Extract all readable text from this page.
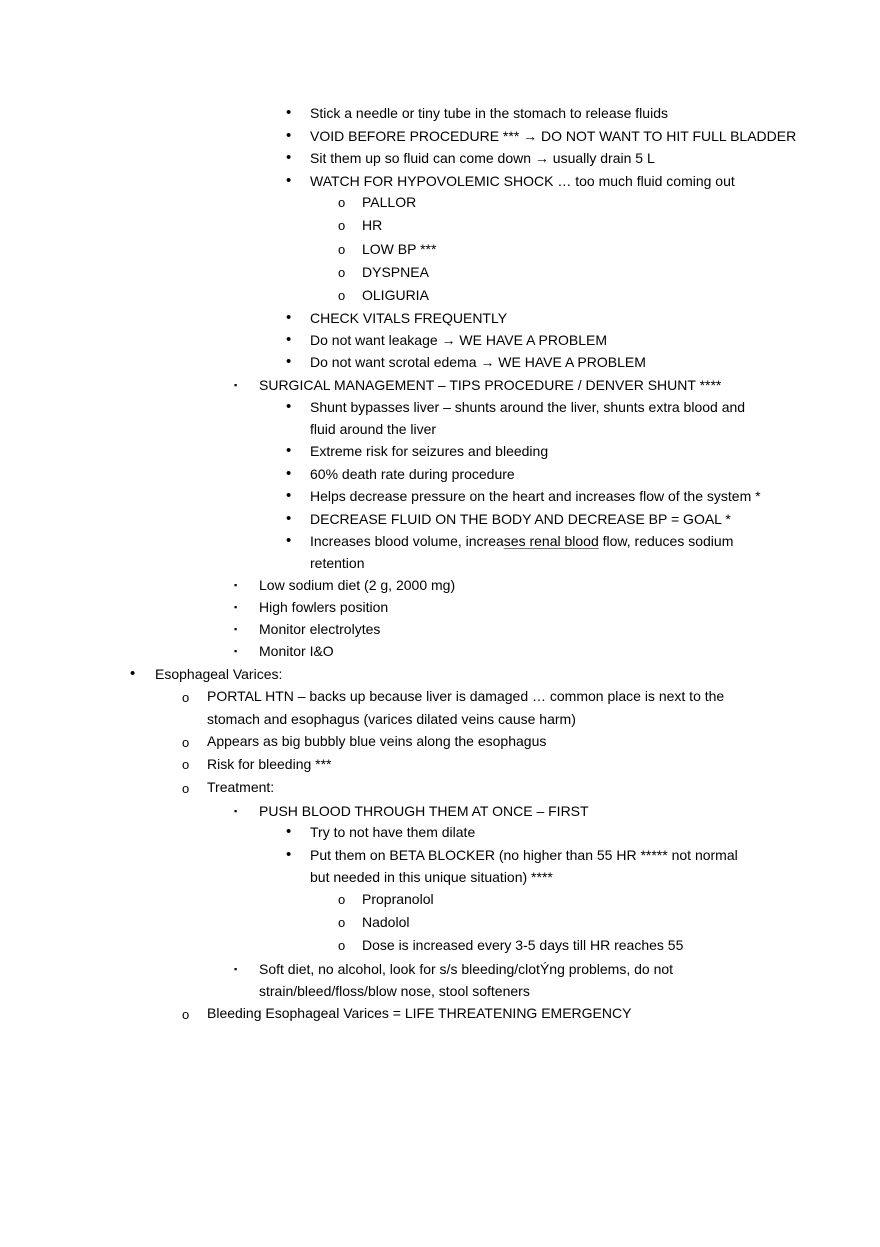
• Stick a needle or tiny tube in the stomach to release fluids
• VOID BEFORE PROCEDURE *** → DO NOT WANT TO HIT FULL BLADDER
• Sit them up so fluid can come down → usually drain 5 L
• WATCH FOR HYPOVOLEMIC SHOCK … too much fluid coming out
o PALLOR
o HR
o LOW BP ***
o DYSPNEA
o OLIGURIA
• CHECK VITALS FREQUENTLY
• Do not want leakage → WE HAVE A PROBLEM
• Do not want scrotal edema → WE HAVE A PROBLEM
▪ SURGICAL MANAGEMENT – TIPS PROCEDURE / DENVER SHUNT ****
• Shunt bypasses liver – shunts around the liver, shunts extra blood and
fluid around the liver
• Extreme risk for seizures and bleeding
• 60% death rate during procedure
• Helps decrease pressure on the heart and increases flow of the system *
• DECREASE FLUID ON THE BODY AND DECREASE BP = GOAL *
• Increases blood volume, increases renal blood flow, reduces sodium
retention
▪ Low sodium diet (2 g, 2000 mg)
▪ High fowlers position
▪ Monitor electrolytes
▪ Monitor I&O
• Esophageal Varices:
o PORTAL HTN – backs up because liver is damaged … common place is next to the
stomach and esophagus (varices dilated veins cause harm)
o Appears as big bubbly blue veins along the esophagus
o Risk for bleeding ***
o Treatment:
▪ PUSH BLOOD THROUGH THEM AT ONCE – FIRST
• Try to not have them dilate
• Put them on BETA BLOCKER (no higher than 55 HR ***** not normal
but needed in this unique situation) ****
o Propranolol
o Nadolol
o Dose is increased every 3-5 days till HR reaches 55
▪ Soft diet, no alcohol, look for s/s bleeding/clotÝng problems, do not
strain/bleed/floss/blow nose, stool softeners
o Bleeding Esophageal Varices = LIFE THREATENING EMERGENCY
